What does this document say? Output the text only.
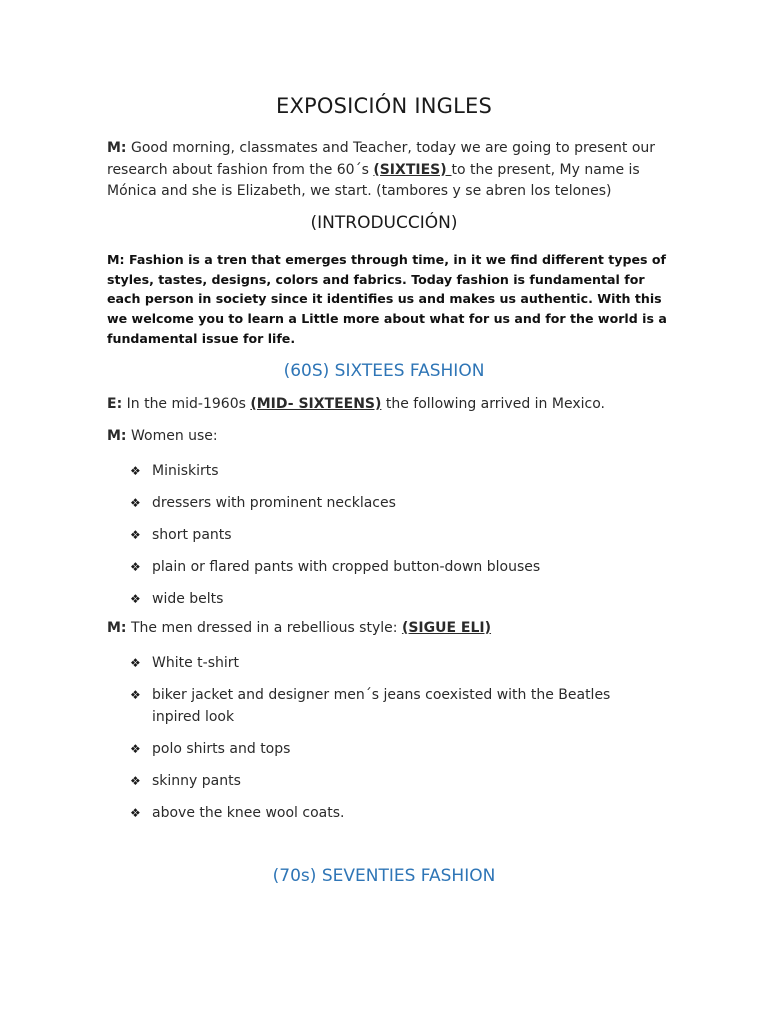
EXPOSICIÓN INGLES
M: Good morning, classmates and Teacher, today we are going to present our research about fashion from the 60´s (SIXTIES) to the present, My name is Mónica and she is Elizabeth, we start. (tambores y se abren los telones)
(INTRODUCCIÓN)
M: Fashion is a tren that emerges through time, in it we find different types of styles, tastes, designs, colors and fabrics. Today fashion is fundamental for each person in society since it identifies us and makes us authentic. With this we welcome you to learn a Little more about what for us and for the world is a fundamental issue for life.
(60S) SIXTEES FASHION
E: In the mid-1960s (MID- SIXTEENS) the following arrived in Mexico.
M: Women use:
❖ Miniskirts
❖ dressers with prominent necklaces
❖ short pants
❖ plain or flared pants with cropped button-down blouses
❖ wide belts
M: The men dressed in a rebellious style: (SIGUE ELI)
❖ White t-shirt
❖ biker jacket and designer men´s jeans coexisted with the Beatles inpired look
❖ polo shirts and tops
❖ skinny pants
❖ above the knee wool coats.
(70s) SEVENTIES FASHION
